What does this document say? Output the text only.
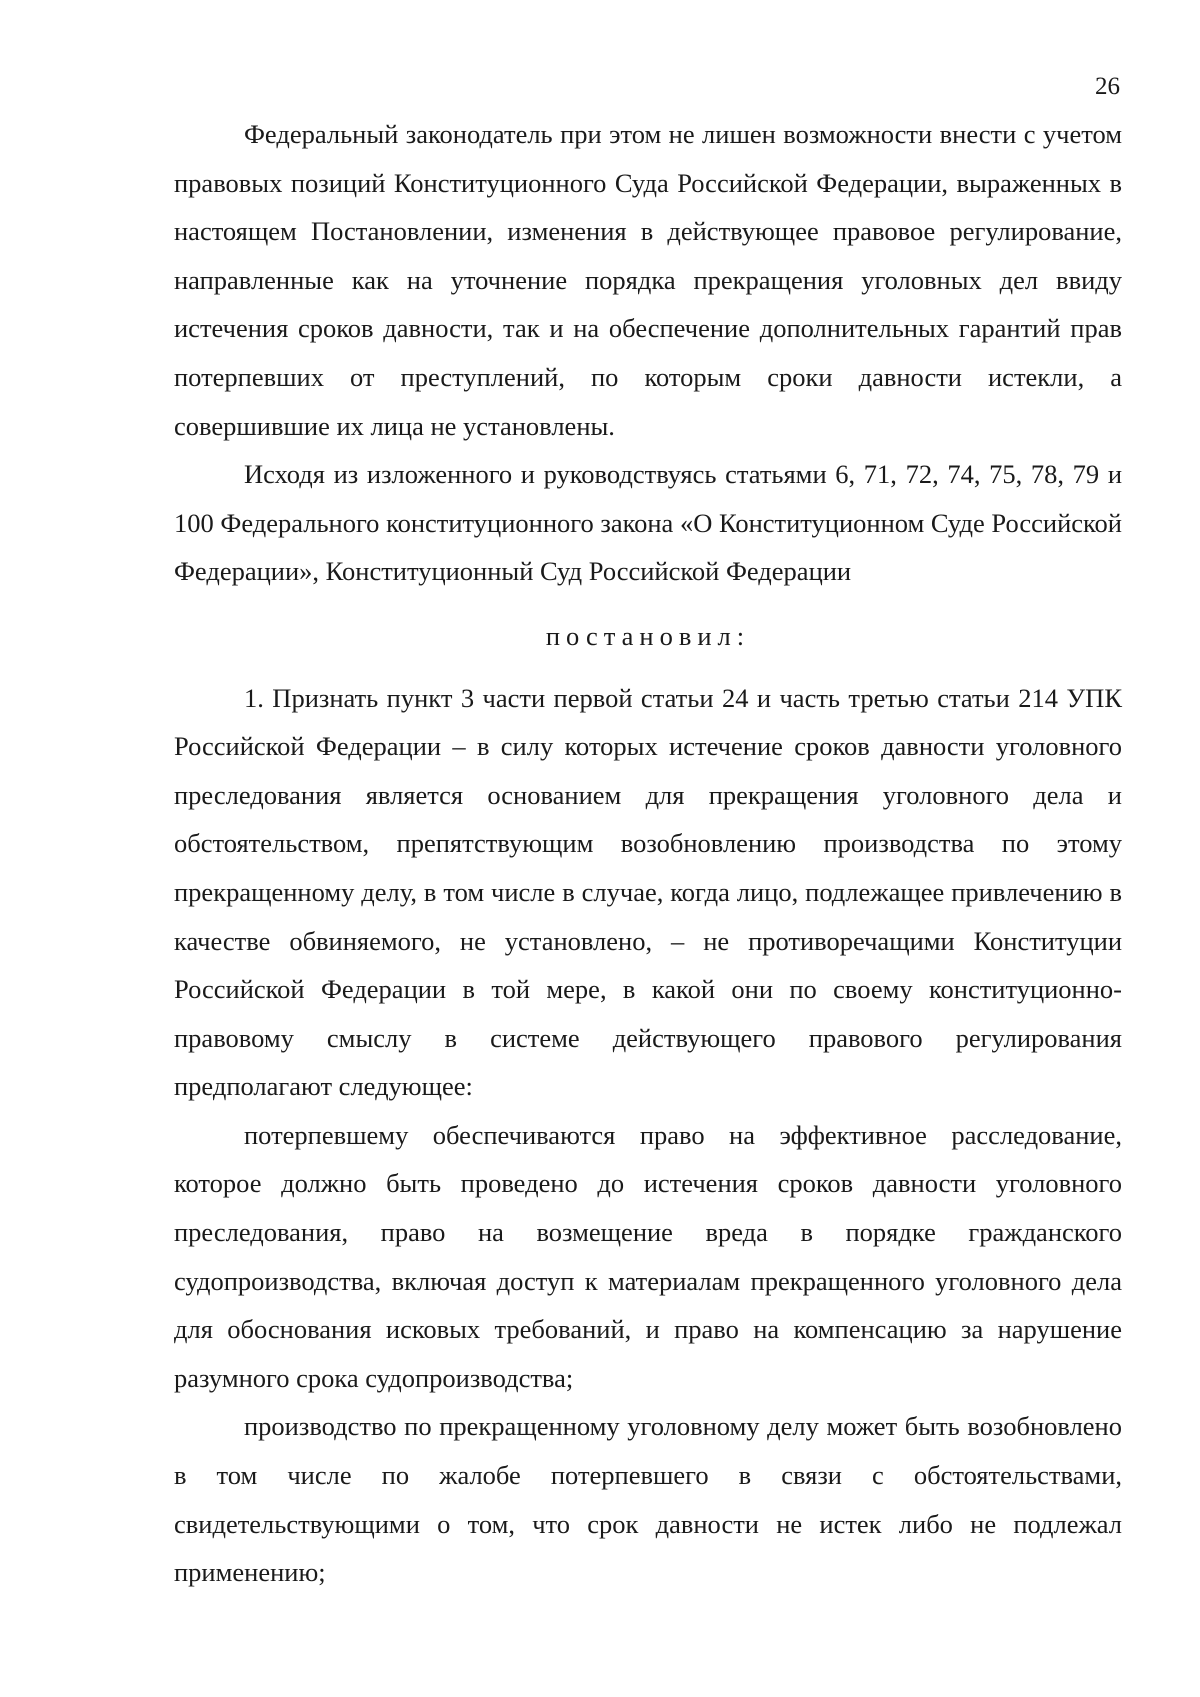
26

Федеральный законодатель при этом не лишен возможности внести с учетом правовых позиций Конституционного Суда Российской Федерации, выраженных в настоящем Постановлении, изменения в действующее правовое регулирование, направленные как на уточнение порядка прекращения уголовных дел ввиду истечения сроков давности, так и на обеспечение дополнительных гарантий прав потерпевших от преступлений, по которым сроки давности истекли, а совершившие их лица не установлены.

Исходя из изложенного и руководствуясь статьями 6, 71, 72, 74, 75, 78, 79 и 100 Федерального конституционного закона «О Конституционном Суде Российской Федерации», Конституционный Суд Российской Федерации

постановил:

1. Признать пункт 3 части первой статьи 24 и часть третью статьи 214 УПК Российской Федерации – в силу которых истечение сроков давности уголовного преследования является основанием для прекращения уголовного дела и обстоятельством, препятствующим возобновлению производства по этому прекращенному делу, в том числе в случае, когда лицо, подлежащее привлечению в качестве обвиняемого, не установлено, – не противоречащими Конституции Российской Федерации в той мере, в какой они по своему конституционно-правовому смыслу в системе действующего правового регулирования предполагают следующее:

потерпевшему обеспечиваются право на эффективное расследование, которое должно быть проведено до истечения сроков давности уголовного преследования, право на возмещение вреда в порядке гражданского судопроизводства, включая доступ к материалам прекращенного уголовного дела для обоснования исковых требований, и право на компенсацию за нарушение разумного срока судопроизводства;

производство по прекращенному уголовному делу может быть возобновлено в том числе по жалобе потерпевшего в связи с обстоятельствами, свидетельствующими о том, что срок давности не истек либо не подлежал применению;
